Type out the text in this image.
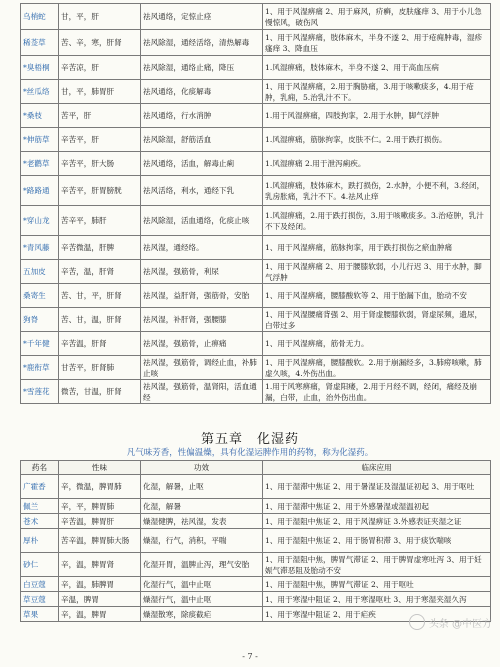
乌梢蛇	甘，平，肝	祛风通络，定惊止痉	1、用于风湿痹痛 2、用于麻风，疥癣，皮肤瘙痒 3、用于小儿急慢惊风，破伤风
稀莶草	苦、辛，寒，肝肾	祛风除湿，通经活络，清热解毒	1、用于风湿痹痛，肢体麻木，半身不遂 2、用于疮痈肿毒，湿疹瘙痒 3、降血压
*臭梧桐	辛苦凉，肝	祛风除湿，通络止痛，降压	1.风湿痹痛，肢体麻木，半身不遂 2、用于高血压病
*丝瓜络	甘，平，肺胃肝	祛风通络，化痰解毒	1、用于风湿痹痛，2.用于胸胁痛，3.用于咳嗽痰多，4.用于疮肿，乳痈，5.治乳汁不下。
*桑枝	苦平，肝	祛风通络，行水消肿	1.用于风湿痹痛，四肢拘挛，2.用于水肿，脚气浮肿
*伸筋草	辛苦平，肝	祛风除湿，舒筋活血	1.风湿痹痛，筋脉拘挛，皮肤不仁。2.用于跌打损伤。
*老鹳草	辛苦平，肝大肠	祛风通络，活血，解毒止痢	1.风湿痹痛 2.用于泄泻痢疾。
*路路通	辛苦平，肝胃膀胱	祛风活络，利水，通经下乳	1.风湿痹痛，肢体麻木，跌打损伤，2.水肿，小便不利，3.经闭，乳房胀痛，乳汁不下。4.祛风止痒
*穿山龙	苦辛平，肺肝	祛风除湿，活血通络，化痰止咳	1.风湿痹痛，2.用于跌打损伤，3.用于咳嗽痰多。3.治疮肿，乳汁不下及经闭。
*青风藤	辛苦微温，肝脾	祛风湿，通经络。	1、用于风湿痹痛，筋脉拘挛，用于跌打损伤之瘀血肿痛
五加皮	辛苦，温，肝肾	祛风湿，强筋骨，利尿	1、用于风湿痹痛 2、用于腰膝软弱，小儿行迟 3、用于水肿，脚气浮肿
桑寄生	苦、甘，平，肝肾	祛风湿，益肝肾，强筋骨，安胎	1、用于风湿痹痛，腰膝酸软等 2、用于胎漏下血，胎动不安
狗脊	苦、甘，温，肝肾	祛风湿，补肝肾，强腰膝	1、用于风湿腰痛背强 2、用于肾虚腰膝软弱，肾虚尿频，遗尿，白带过多
*千年健	辛苦温，肝肾	祛风湿，强筋骨，止痹痛	1、用于风湿痹痛，筋骨无力。
*鹿衔草	甘苦平，肝肾肺	祛风湿，强筋骨，调经止血，补肺止咳	1、用于风湿痹痛，腰膝酸软。2.用于崩漏经多，3.肺痨咳嗽，肺虚久咳，4.外伤出血。
*雪莲花	微苦，甘温，肝肾	祛风湿，强筋骨，温肾阳，活血通经	1.用于风寒痹痛，肾虚阳痿，2.用于月经不调，经闭，痛经及崩漏，白带，止血，治外伤出血。
第五章　化湿药
凡气味芳香，性偏温燥，具有化湿运脾作用的药物，称为化湿药。
药名	性味	功效	临床应用
广霍香	辛，微温，脾胃肺	化湿，解暑，止呕	1、用于湿滞中焦证 2、用于暑湿证及湿温证初起 3、用于呕吐
佩兰	辛，平，脾胃肺	化湿，解暑	1、用于湿滞中焦证 2、用于外感暑湿或湿温初起
苍术	辛苦温，脾胃肝	燥湿健脾，祛风湿，发表	1、用于湿阻中焦证 2、用于风湿痹证 3.外感表证夹湿之证
厚朴	苦辛温，脾胃肺大肠	燥湿，行气，消积，平喘	1、用于湿阻中焦证 2、用于肠胃积滞 3、用于痰饮喘咳
砂仁	辛，温，脾胃肾	化湿开胃，温脾止泻，理气安胎	1、用于湿阻中焦，脾胃气滞证 2、用于脾胃虚寒吐泻 3、用于妊娠气滞恶阻及胎动不安
白豆蔻	辛，温，肺脾胃	化湿行气，温中止呕	1、用于湿阻中焦，脾胃气滞证 2、用于呕吐
草豆蔻	辛温，脾胃	燥湿行气，温中止呕	1、用于寒湿中阻证 2、用于寒湿呕吐 3、用于寒湿夹湿久泻
草果	辛，温，脾胃	燥湿散寒，除痰截疟	1、用于寒湿中阻证 2、用于疟疾
- 7 -
头条 @中医方
